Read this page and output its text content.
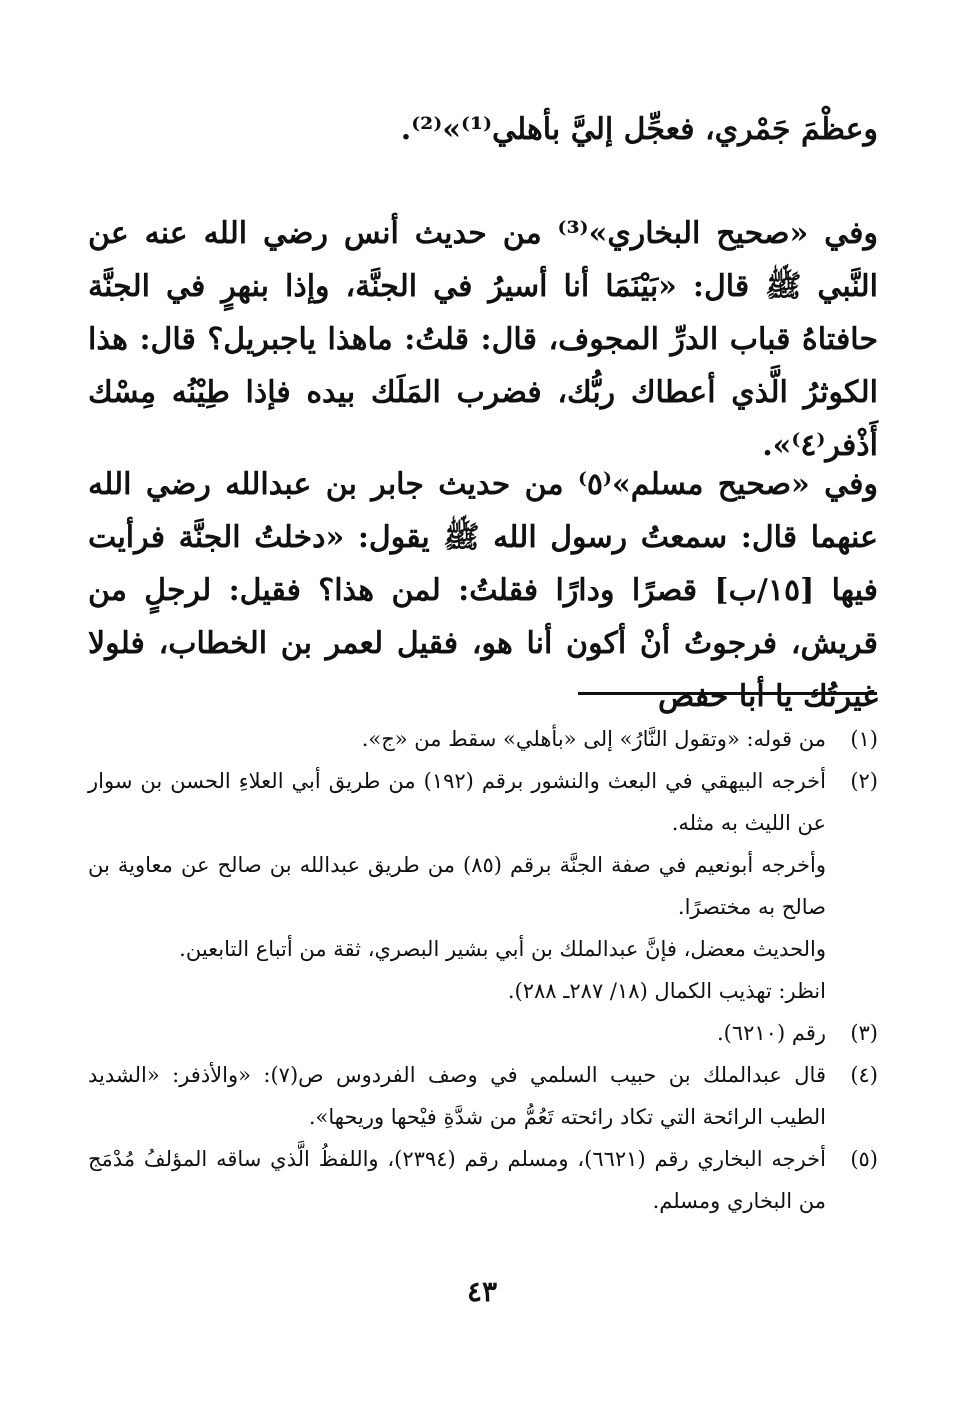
وعظْمَ جَمْري، فعجِّل إليَّ بأهلي⁽¹⁾»⁽²⁾.

وفي «صحيح البخاري»⁽³⁾ من حديث أنس رضي الله عنه عن النَّبي ﷺ قال: «بَيْنَمَا أنا أسيرُ في الجنَّة، وإذا بنهرٍ في الجنَّة حافتاهُ قباب الدرِّ المجوف، قال: قلتُ: ماهذا ياجبريل؟ قال: هذا الكوثرُ الَّذي أعطاك ربُّك، فضرب المَلَك بيده فإذا طِيْنُه مِسْك أَذْفر⁽٤⁾».

وفي «صحيح مسلم»⁽٥⁾ من حديث جابر بن عبدالله رضي الله عنهما قال: سمعتُ رسول الله ﷺ يقول: «دخلتُ الجنَّة فرأيت فيها [١٥/ب] قصرًا ودارًا فقلتُ: لمن هذا؟ فقيل: لرجلٍ من قريش، فرجوتُ أنْ أكون أنا هو، فقيل لعمر بن الخطاب، فلولا غيرتُك يا أبا حفص

(١)
من قوله: «وتقول النَّارُ» إلى «بأهلي» سقط من «ج».
(٢)
أخرجه البيهقي في البعث والنشور برقم (١٩٢) من طريق أبي العلاءِ الحسن بن سوار عن الليث به مثله.
وأخرجه أبونعيم في صفة الجنَّة برقم (٨٥) من طريق عبدالله بن صالح عن معاوية بن صالح به مختصرًا.
والحديث معضل، فإنَّ عبدالملك بن أبي بشير البصري، ثقة من أتباع التابعين.
انظر: تهذيب الكمال (١٨/ ٢٨٧ـ ٢٨٨).
(٣)
رقم (٦٢١٠).
(٤)
قال عبدالملك بن حبيب السلمي في وصف الفردوس ص(٧): «والأذفر: «الشديد الطيب الرائحة التي تكاد رائحته تَعُمُّ من شدَّةِ فيْحها وريحها».
(٥)
أخرجه البخاري رقم (٦٦٢١)، ومسلم رقم (٢٣٩٤)، واللفظُ الَّذي ساقه المؤلفُ مُدْمَج من البخاري ومسلم.
٤٣
